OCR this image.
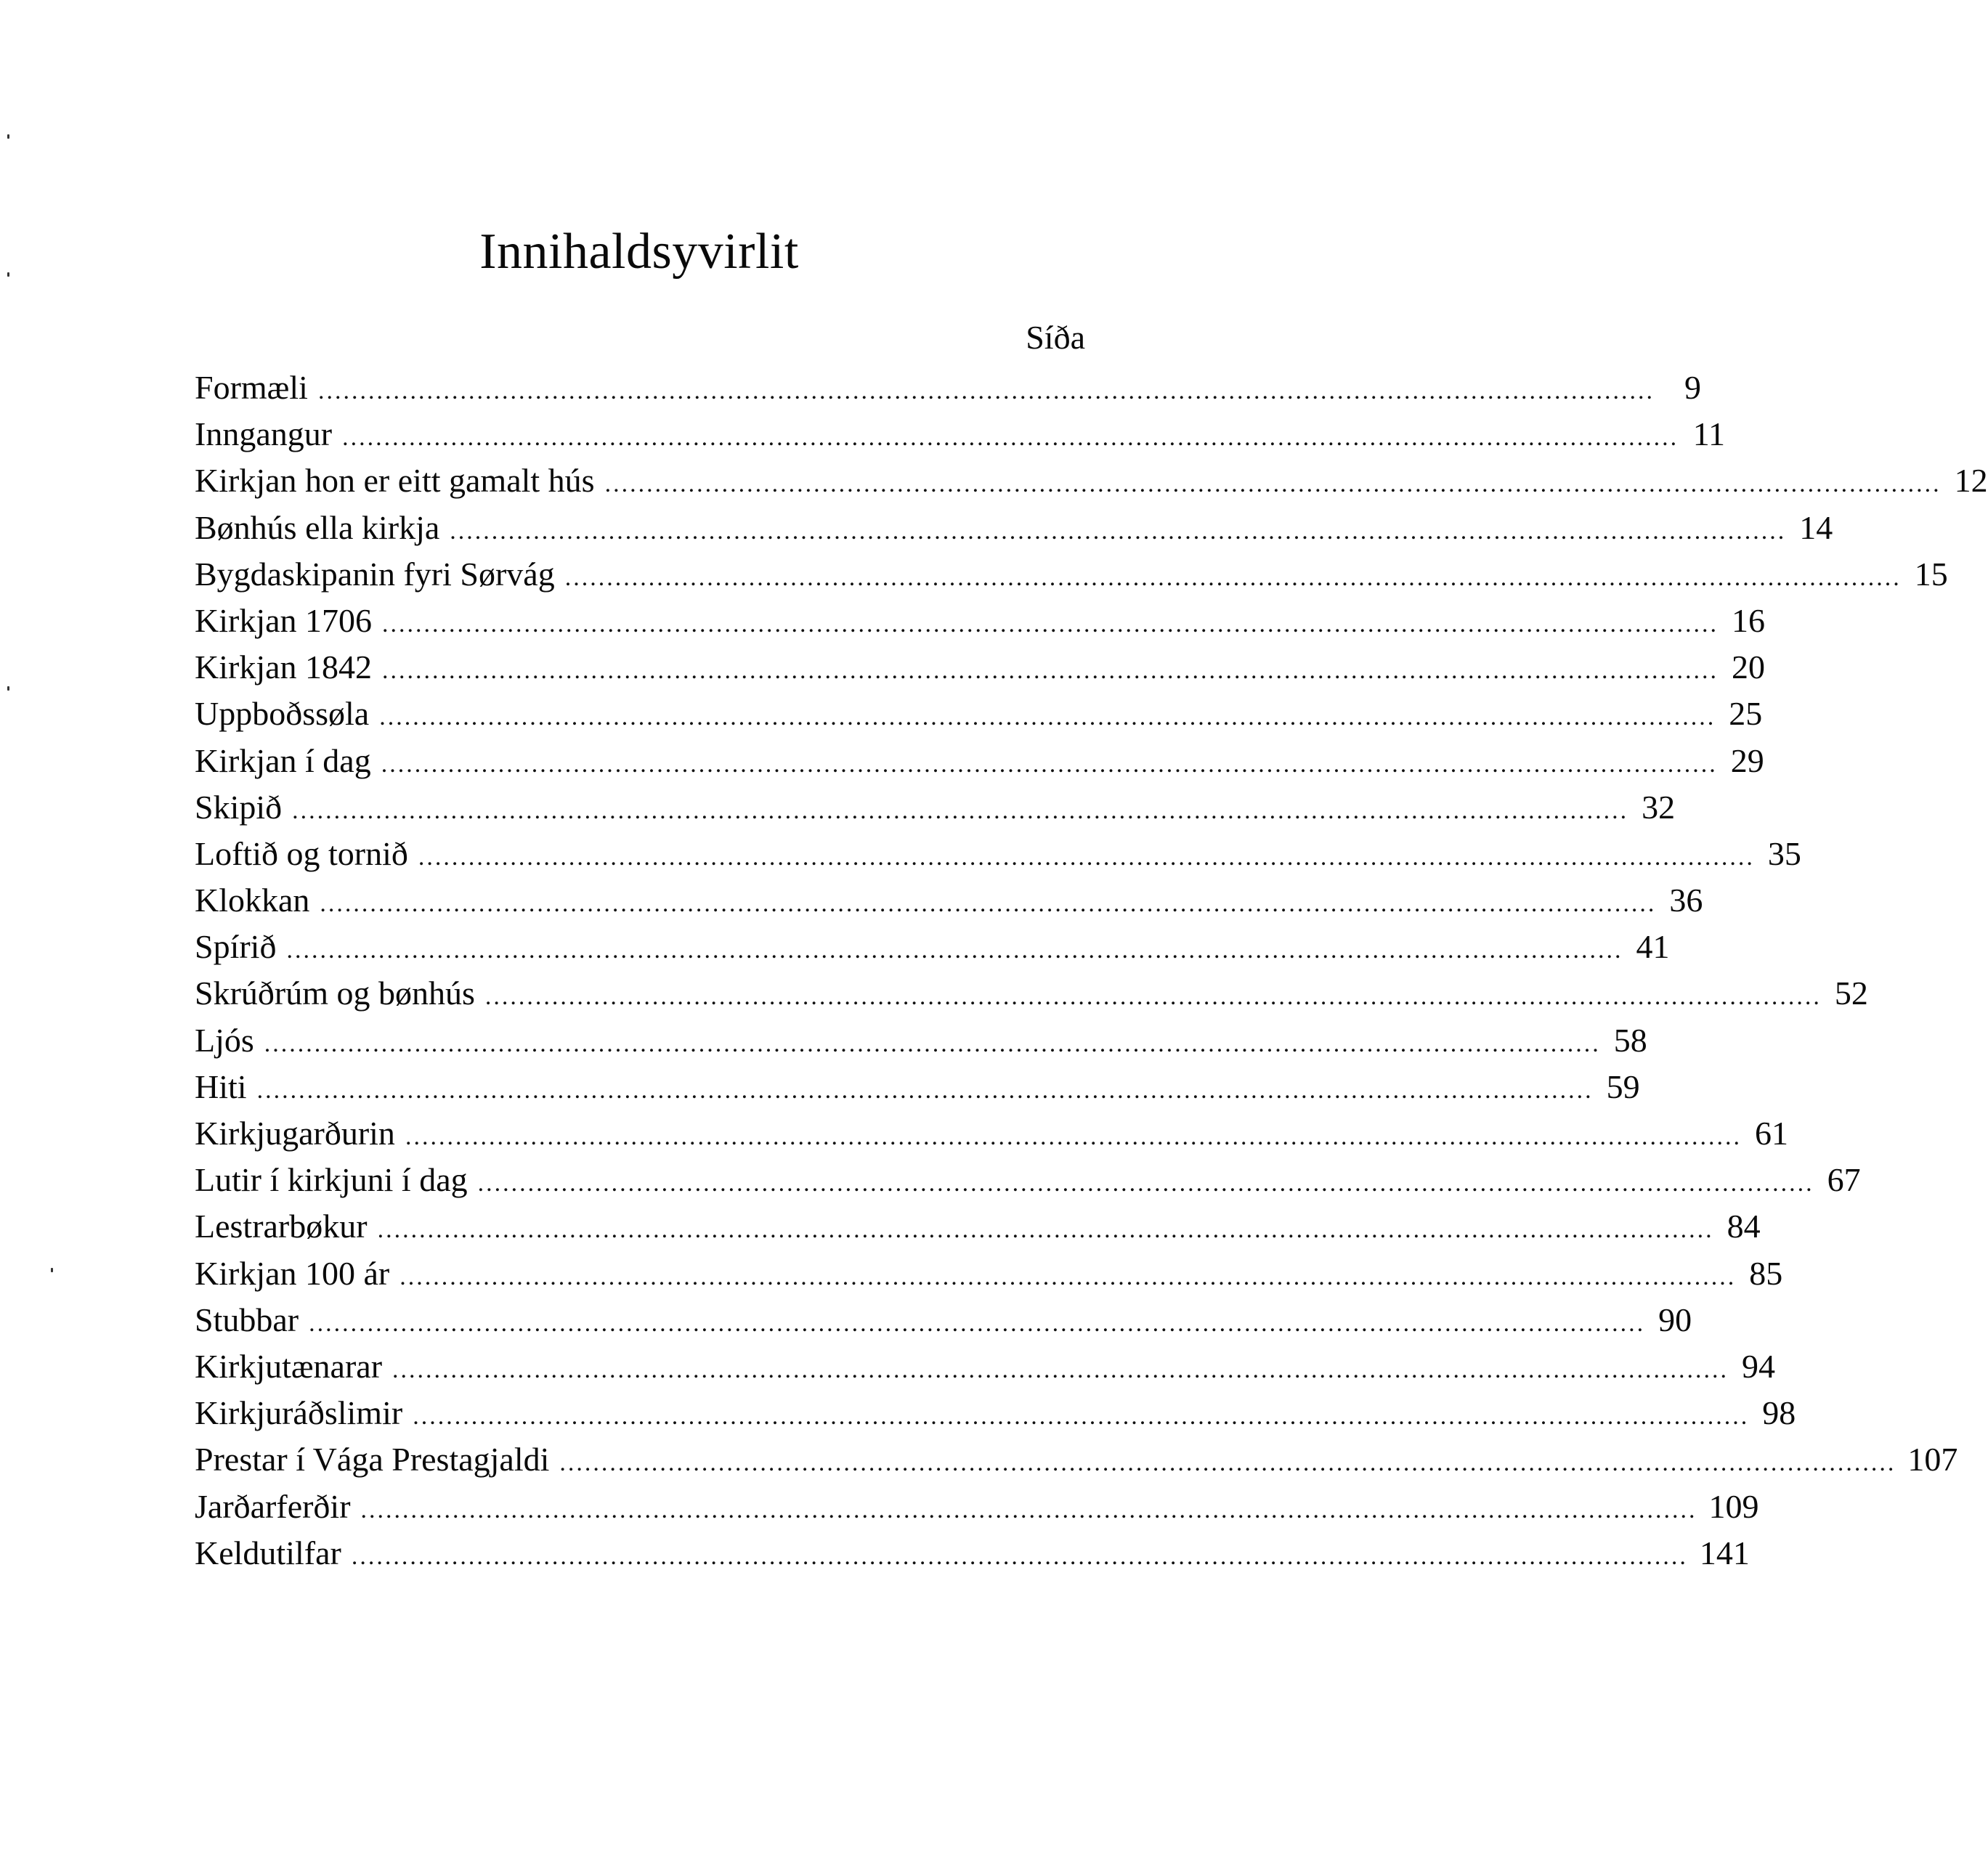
Innihaldsyvirlit
Síða
Formæli ................................................................................................................................................................ 9
Inngangur ................................................................................................................................................................ 11
Kirkjan hon er eitt gamalt hús ................................................................................................................................................................ 12
Bønhús ella kirkja ................................................................................................................................................................ 14
Bygdaskipanin fyri Sørvág ................................................................................................................................................................ 15
Kirkjan 1706 ................................................................................................................................................................ 16
Kirkjan 1842 ................................................................................................................................................................ 20
Uppboðssøla ................................................................................................................................................................ 25
Kirkjan í dag ................................................................................................................................................................ 29
Skipið ................................................................................................................................................................ 32
Loftið og tornið ................................................................................................................................................................ 35
Klokkan ................................................................................................................................................................ 36
Spírið ................................................................................................................................................................ 41
Skrúðrúm og bønhús ................................................................................................................................................................ 52
Ljós ................................................................................................................................................................ 58
Hiti ................................................................................................................................................................ 59
Kirkjugarðurin ................................................................................................................................................................ 61
Lutir í kirkjuni í dag ................................................................................................................................................................ 67
Lestrarbøkur ................................................................................................................................................................ 84
Kirkjan 100 ár ................................................................................................................................................................ 85
Stubbar ................................................................................................................................................................ 90
Kirkjutænarar ................................................................................................................................................................ 94
Kirkjuráðslimir ................................................................................................................................................................ 98
Prestar í Vága Prestagjaldi ................................................................................................................................................................ 107
Jarðarferðir ................................................................................................................................................................ 109
Keldutilfar ................................................................................................................................................................ 141
